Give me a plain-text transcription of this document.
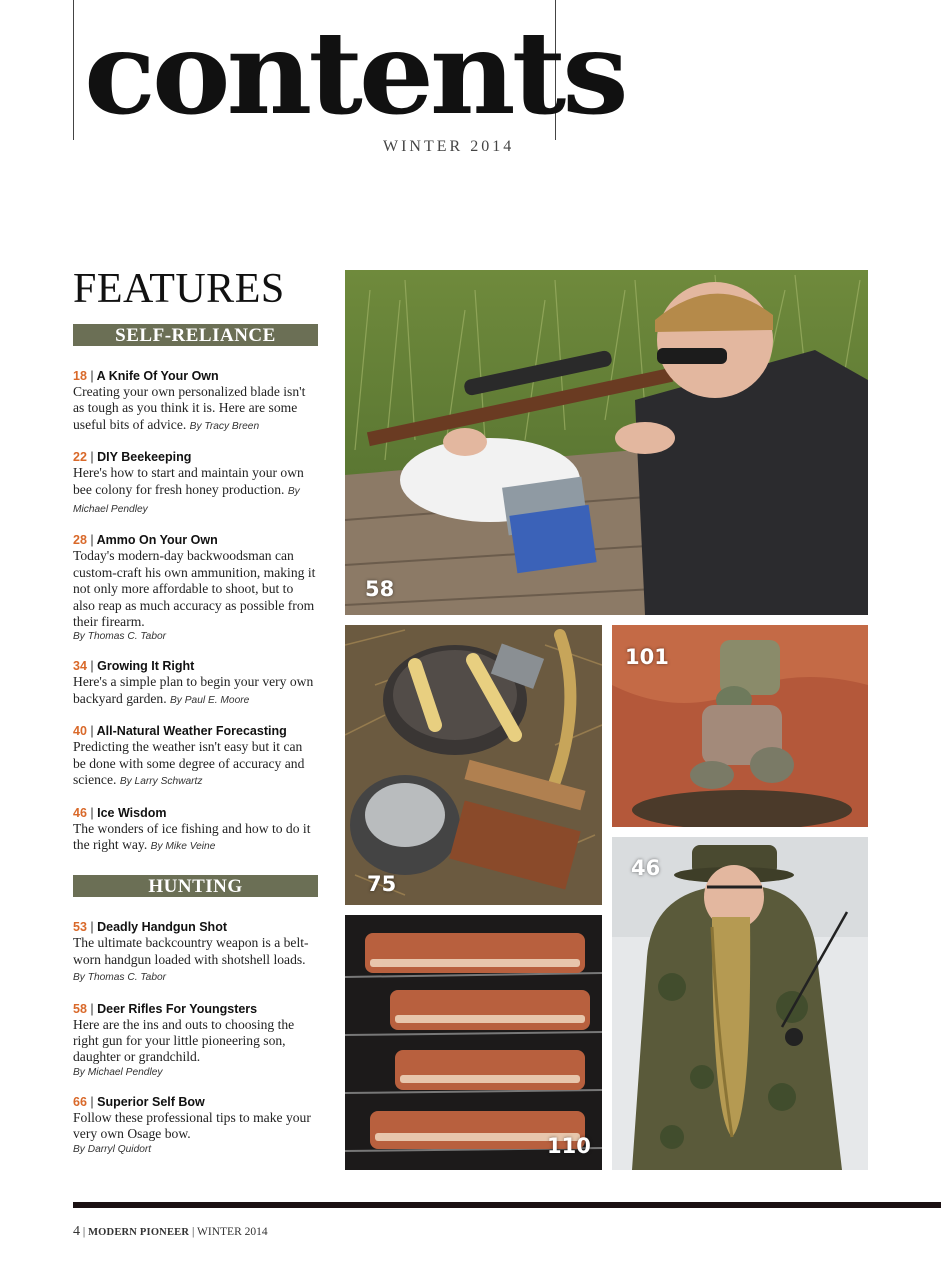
contents
WINTER 2014
FEATURES
SELF-RELIANCE
18 | A Knife Of Your Own
Creating your own personalized blade isn't as tough as you think it is. Here are some useful bits of advice. By Tracy Breen
22 | DIY Beekeeping
Here's how to start and maintain your own bee colony for fresh honey production. By Michael Pendley
28 | Ammo On Your Own
Today's modern-day backwoodsman can custom-craft his own ammunition, making it not only more affordable to shoot, but to also reap as much accuracy as possible from their firearm.
By Thomas C. Tabor
34 | Growing It Right
Here's a simple plan to begin your very own backyard garden. By Paul E. Moore
40 | All-Natural Weather Forecasting
Predicting the weather isn't easy but it can be done with some degree of accuracy and science. By Larry Schwartz
46 | Ice Wisdom
The wonders of ice fishing and how to do it the right way. By Mike Veine
HUNTING
53 | Deadly Handgun Shot
The ultimate backcountry weapon is a belt-worn handgun loaded with shotshell loads. By Thomas C. Tabor
58 | Deer Rifles For Youngsters
Here are the ins and outs to choosing the right gun for your little pioneering son, daughter or grandchild.
By Michael Pendley
66 | Superior Self Bow
Follow these professional tips to make your very own Osage bow.
By Darryl Quidort
58
75
101
46
110
4 | MODERN PIONEER | WINTER 2014
